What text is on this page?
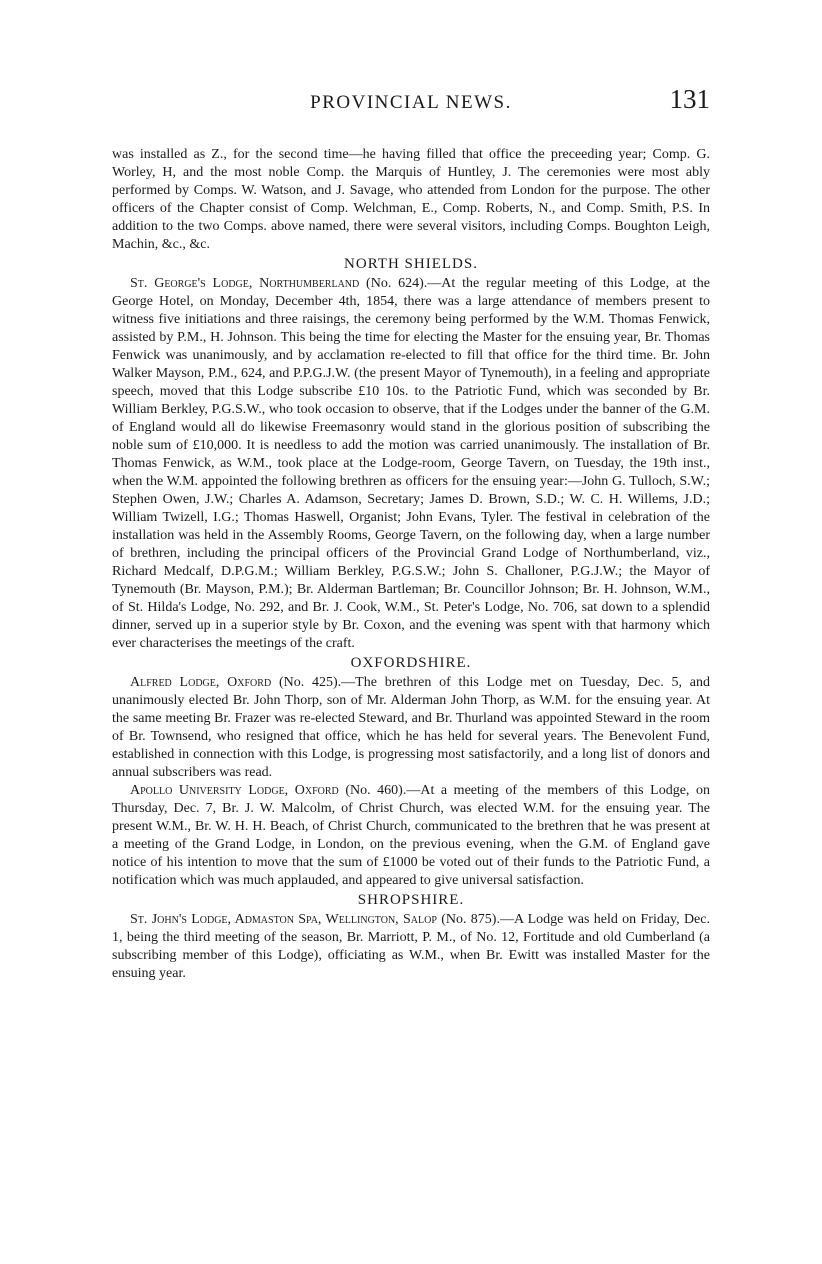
PROVINCIAL NEWS.	131

was installed as Z., for the second time—he having filled that office the preceeding year; Comp. G. Worley, H, and the most noble Comp. the Marquis of Huntley, J. The ceremonies were most ably performed by Comps. W. Watson, and J. Savage, who attended from London for the purpose. The other officers of the Chapter consist of Comp. Welchman, E., Comp. Roberts, N., and Comp. Smith, P.S. In addition to the two Comps. above named, there were several visitors, including Comps. Boughton Leigh, Machin, &c., &c.

NORTH SHIELDS.

St. George's Lodge, Northumberland (No. 624).—At the regular meeting of this Lodge, at the George Hotel, on Monday, December 4th, 1854, there was a large attendance of members present to witness five initiations and three raisings, the ceremony being performed by the W.M. Thomas Fenwick, assisted by P.M., H. Johnson. This being the time for electing the Master for the ensuing year, Br. Thomas Fenwick was unanimously, and by acclamation re-elected to fill that office for the third time. Br. John Walker Mayson, P.M., 624, and P.P.G.J.W. (the present Mayor of Tynemouth), in a feeling and appropriate speech, moved that this Lodge subscribe £10 10s. to the Patriotic Fund, which was seconded by Br. William Berkley, P.G.S.W., who took occasion to observe, that if the Lodges under the banner of the G.M. of England would all do likewise Freemasonry would stand in the glorious position of subscribing the noble sum of £10,000. It is needless to add the motion was carried unanimously. The installation of Br. Thomas Fenwick, as W.M., took place at the Lodge-room, George Tavern, on Tuesday, the 19th inst., when the W.M. appointed the following brethren as officers for the ensuing year:—John G. Tulloch, S.W.; Stephen Owen, J.W.; Charles A. Adamson, Secretary; James D. Brown, S.D.; W. C. H. Willems, J.D.; William Twizell, I.G.; Thomas Haswell, Organist; John Evans, Tyler. The festival in celebration of the installation was held in the Assembly Rooms, George Tavern, on the following day, when a large number of brethren, including the principal officers of the Provincial Grand Lodge of Northumberland, viz., Richard Medcalf, D.P.G.M.; William Berkley, P.G.S.W.; John S. Challoner, P.G.J.W.; the Mayor of Tynemouth (Br. Mayson, P.M.); Br. Alderman Bartleman; Br. Councillor Johnson; Br. H. Johnson, W.M., of St. Hilda's Lodge, No. 292, and Br. J. Cook, W.M., St. Peter's Lodge, No. 706, sat down to a splendid dinner, served up in a superior style by Br. Coxon, and the evening was spent with that harmony which ever characterises the meetings of the craft.

OXFORDSHIRE.

Alfred Lodge, Oxford (No. 425).—The brethren of this Lodge met on Tuesday, Dec. 5, and unanimously elected Br. John Thorp, son of Mr. Alderman John Thorp, as W.M. for the ensuing year. At the same meeting Br. Frazer was re-elected Steward, and Br. Thurland was appointed Steward in the room of Br. Townsend, who resigned that office, which he has held for several years. The Benevolent Fund, established in connection with this Lodge, is progressing most satisfactorily, and a long list of donors and annual subscribers was read.

Apollo University Lodge, Oxford (No. 460).—At a meeting of the members of this Lodge, on Thursday, Dec. 7, Br. J. W. Malcolm, of Christ Church, was elected W.M. for the ensuing year. The present W.M., Br. W. H. H. Beach, of Christ Church, communicated to the brethren that he was present at a meeting of the Grand Lodge, in London, on the previous evening, when the G.M. of England gave notice of his intention to move that the sum of £1000 be voted out of their funds to the Patriotic Fund, a notification which was much applauded, and appeared to give universal satisfaction.

SHROPSHIRE.

St. John's Lodge, Admaston Spa, Wellington, Salop (No. 875).—A Lodge was held on Friday, Dec. 1, being the third meeting of the season, Br. Marriott, P. M., of No. 12, Fortitude and old Cumberland (a subscribing member of this Lodge), officiating as W.M., when Br. Ewitt was installed Master for the ensuing year.
